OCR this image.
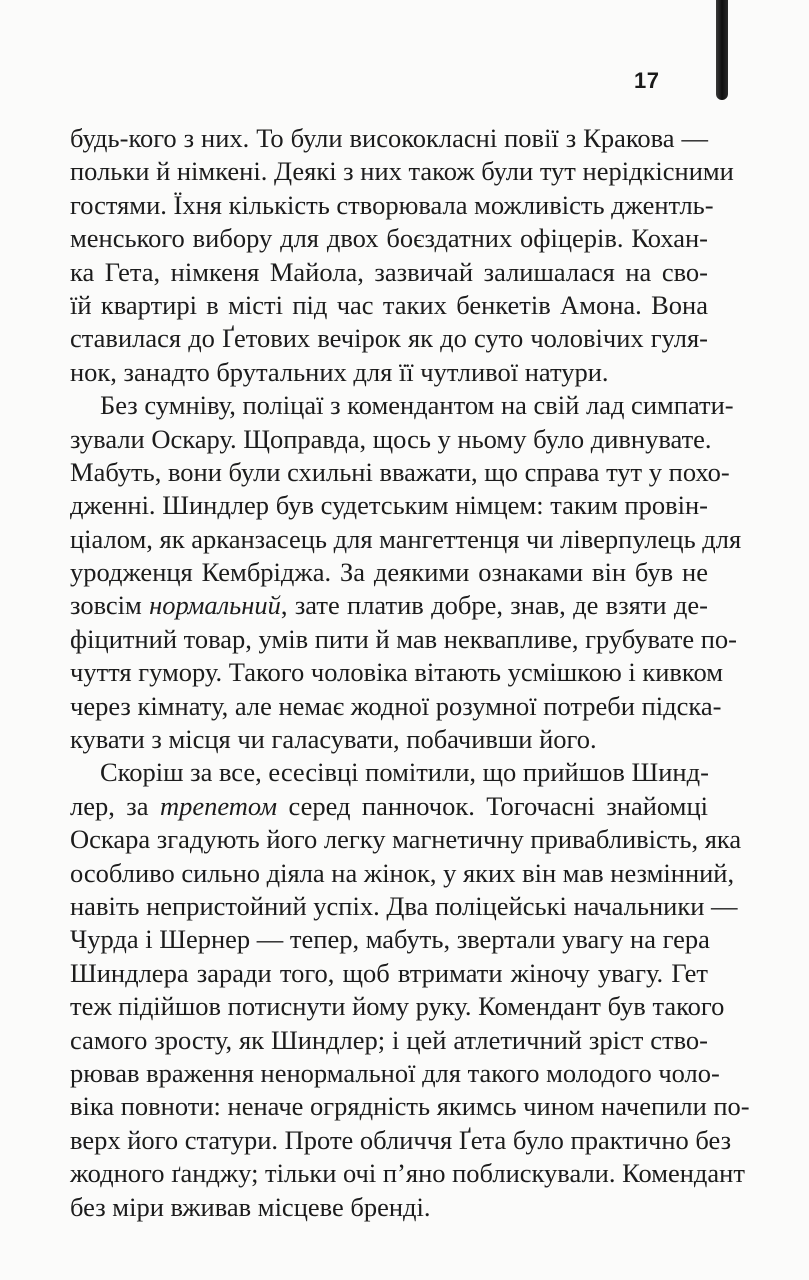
17
будь-кого з них. То були висококласні повії з Кракова —
польки й німкені. Деякі з них також були тут нерідкісними
гостями. Їхня кількість створювала можливість джентль-
менського вибору для двох боєздатних офіцерів. Кохан-
ка Гета, німкеня Майола, зазвичай залишалася на сво-
їй квартирі в місті під час таких бенкетів Амона. Вона
ставилася до Ґетових вечірок як до суто чоловічих гуля-
нок, занадто брутальних для її чутливої натури.
Без сумніву, поліцаї з комендантом на свій лад симпати-
зували Оскару. Щоправда, щось у ньому було дивнувате.
Мабуть, вони були схильні вважати, що справа тут у похо-
дженні. Шиндлер був судетським німцем: таким провін-
ціалом, як арканзасець для мангеттенця чи ліверпулець для
уродженця Кембріджа. За деякими ознаками він був не
зовсім нормальний, зате платив добре, знав, де взяти де-
фіцитний товар, умів пити й мав неквапливе, грубувате по-
чуття гумору. Такого чоловіка вітають усмішкою і кивком
через кімнату, але немає жодної розумної потреби підска-
кувати з місця чи галасувати, побачивши його.
Скоріш за все, есесівці помітили, що прийшов Шинд-
лер, за трепетом серед панночок. Тогочасні знайомці
Оскара згадують його легку магнетичну привабливість, яка
особливо сильно діяла на жінок, у яких він мав незмінний,
навіть непристойний успіх. Два поліцейські начальники —
Чурда і Шернер — тепер, мабуть, звертали увагу на гера
Шиндлера заради того, щоб втримати жіночу увагу. Гет
теж підійшов потиснути йому руку. Комендант був такого
самого зросту, як Шиндлер; і цей атлетичний зріст ство-
рював враження ненормальної для такого молодого чоло-
віка повноти: неначе огрядність якимсь чином начепили по-
верх його статури. Проте обличчя Ґета було практично без
жодного ґанджу; тільки очі п’яно поблискували. Комендант
без міри вживав місцеве бренді.
